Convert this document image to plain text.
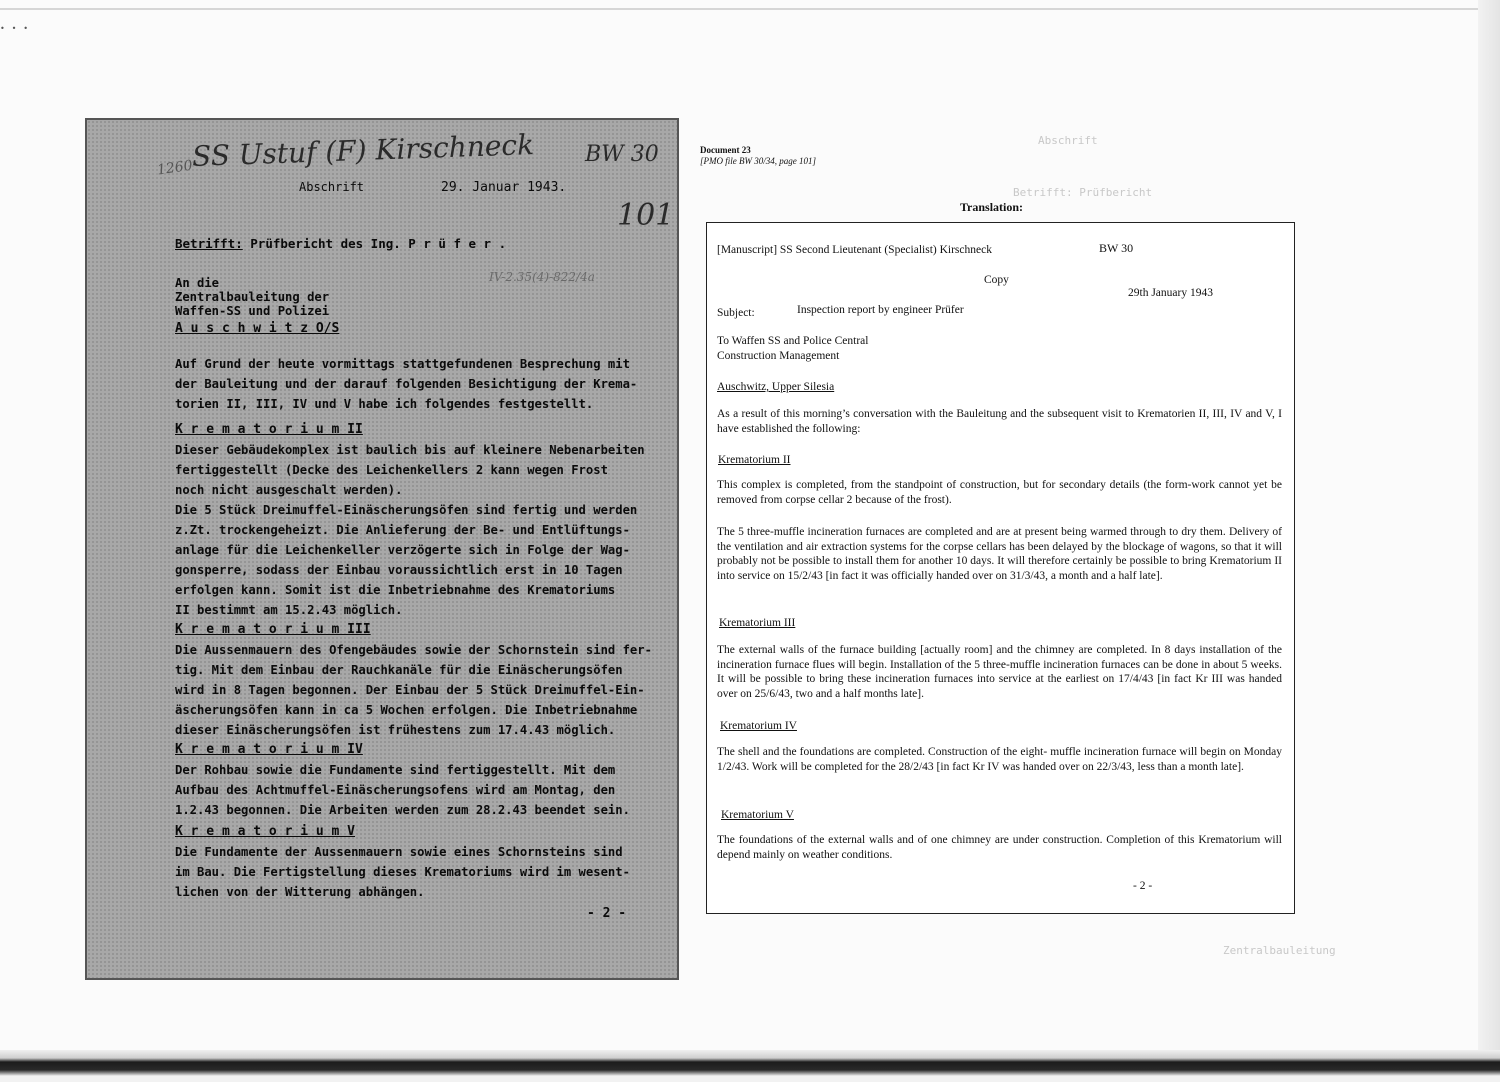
• • •
SS Ustuf (F) Kirschneck BW 30
1260
101
IV-2.35(4)-822/4a
Abschrift	29. Januar 1943.
Betrifft: Prüfbericht des Ing. P r ü f e r .
An die
Zentralbauleitung der
Waffen-SS und Polizei
A u s c h w i t z O/S
Auf Grund der heute vormittags stattgefundenen Besprechung mit
der Bauleitung und der darauf folgenden Besichtigung der Krema-
torien II, III, IV und V habe ich folgendes festgestellt.
K r e m a t o r i u m II
Dieser Gebäudekomplex ist baulich bis auf kleinere Nebenarbeiten
fertiggestellt (Decke des Leichenkellers 2 kann wegen Frost
noch nicht ausgeschalt werden).
Die 5 Stück Dreimuffel-Einäscherungsöfen sind fertig und werden
z.Zt. trockengeheizt. Die Anlieferung der Be- und Entlüftungs-
anlage für die Leichenkeller verzögerte sich in Folge der Wag-
gonsperre, sodass der Einbau voraussichtlich erst in 10 Tagen
erfolgen kann. Somit ist die Inbetriebnahme des Krematoriums
II bestimmt am 15.2.43 möglich.
K r e m a t o r i u m III
Die Aussenmauern des Ofengebäudes sowie der Schornstein sind fer-
tig. Mit dem Einbau der Rauchkanäle für die Einäscherungsöfen
wird in 8 Tagen begonnen. Der Einbau der 5 Stück Dreimuffel-Ein-
äscherungsöfen kann in ca 5 Wochen erfolgen. Die Inbetriebnahme
dieser Einäscherungsöfen ist frühestens zum 17.4.43 möglich.
K r e m a t o r i u m IV
Der Rohbau sowie die Fundamente sind fertiggestellt. Mit dem
Aufbau des Achtmuffel-Einäscherungsofens wird am Montag, den
1.2.43 begonnen. Die Arbeiten werden zum 28.2.43 beendet sein.
K r e m a t o r i u m V
Die Fundamente der Aussenmauern sowie eines Schornsteins sind
im Bau. Die Fertigstellung dieses Krematoriums wird im wesent-
lichen von der Witterung abhängen.
- 2 -
Abschrift
Betrifft: Prüfbericht
Document 23
[PMO file BW 30/34, page 101]
Translation:
[Manuscript] SS Second Lieutenant (Specialist) Kirschneck	BW 30
Copy
29th January 1943
Subject:	Inspection report by engineer Prüfer
To Waffen SS and Police Central
Construction Management
Auschwitz, Upper Silesia
As a result of this morning’s conversation with the Bauleitung and the subsequent visit to Krematorien II, III, IV and V, I have established the following:
Krematorium II
This complex is completed, from the standpoint of construction, but for secondary details (the form-work cannot yet be removed from corpse cellar 2 because of the frost).
The 5 three-muffle incineration furnaces are completed and are at present being warmed through to dry them. Delivery of the ventilation and air extraction systems for the corpse cellars has been delayed by the blockage of wagons, so that it will probably not be possible to install them for another 10 days. It will therefore certainly be possible to bring Krematorium II into service on 15/2/43 [in fact it was officially handed over on 31/3/43, a month and a half late].
Krematorium III
The external walls of the furnace building [actually room] and the chimney are completed. In 8 days installation of the incineration furnace flues will begin. Installation of the 5 three-muffle incineration furnaces can be done in about 5 weeks. It will be possible to bring these incineration furnaces into service at the earliest on 17/4/43 [in fact Kr III was handed over on 25/6/43, two and a half months late].
Krematorium IV
The shell and the foundations are completed. Construction of the eight- muffle incineration furnace will begin on Monday 1/2/43. Work will be completed for the 28/2/43 [in fact Kr IV was handed over on 22/3/43, less than a month late].
Krematorium V
The foundations of the external walls and of one chimney are under construction. Completion of this Krematorium will depend mainly on weather conditions.
- 2 -
Zentralbauleitung
